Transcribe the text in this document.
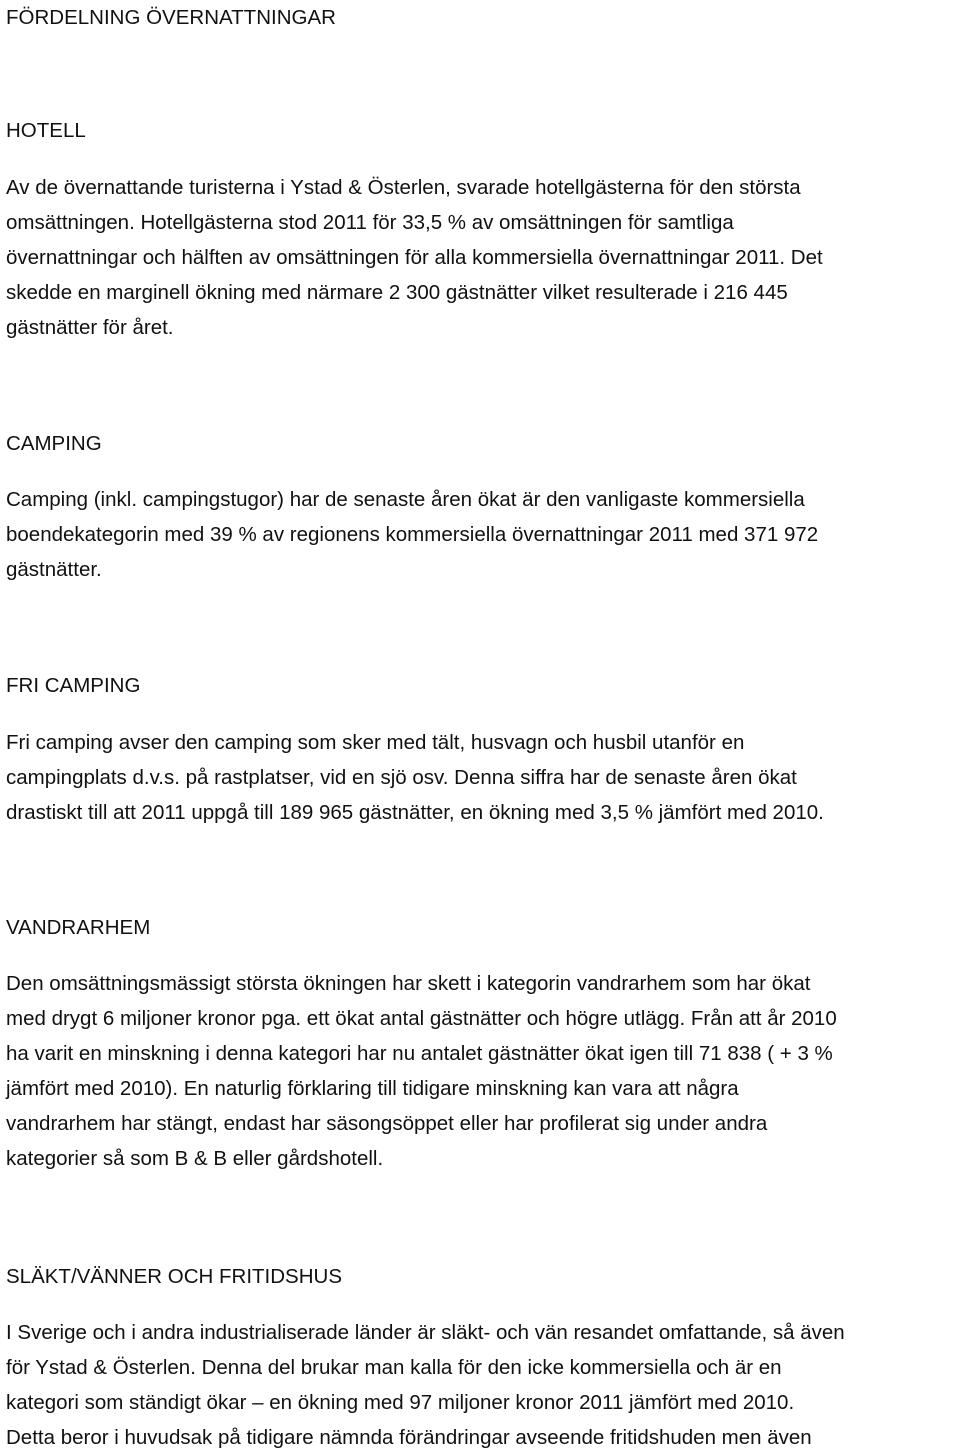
FÖRDELNING ÖVERNATTNINGAR
HOTELL
Av de övernattande turisterna i Ystad & Österlen, svarade hotellgästerna för den största
omsättningen. Hotellgästerna stod 2011 för 33,5 % av omsättningen för samtliga
övernattningar och hälften av omsättningen för alla kommersiella övernattningar 2011. Det
skedde en marginell ökning med närmare 2 300 gästnätter vilket resulterade i 216 445
gästnätter för året.
CAMPING
Camping (inkl. campingstugor) har de senaste åren ökat är den vanligaste kommersiella
boendekategorin med 39 % av regionens kommersiella övernattningar 2011 med 371 972
gästnätter.
FRI CAMPING
Fri camping avser den camping som sker med tält, husvagn och husbil utanför en
campingplats d.v.s. på rastplatser, vid en sjö osv. Denna siffra har de senaste åren ökat
drastiskt till att 2011 uppgå till 189 965 gästnätter, en ökning med 3,5 % jämfört med 2010.
VANDRARHEM
Den omsättningsmässigt största ökningen har skett i kategorin vandrarhem som har ökat
med drygt 6 miljoner kronor pga. ett ökat antal gästnätter och högre utlägg. Från att år 2010
ha varit en minskning i denna kategori har nu antalet gästnätter ökat igen till 71 838 ( + 3 %
jämfört med 2010). En naturlig förklaring till tidigare minskning kan vara att några
vandrarhem har stängt, endast har säsongsöppet eller har profilerat sig under andra
kategorier så som B & B eller gårdshotell.
SLÄKT/VÄNNER OCH FRITIDSHUS
I Sverige och i andra industrialiserade länder är släkt- och vän resandet omfattande, så även
för Ystad & Österlen. Denna del brukar man kalla för den icke kommersiella och är en
kategori som ständigt ökar – en ökning med 97 miljoner kronor 2011 jämfört med 2010.
Detta beror i huvudsak på tidigare nämnda förändringar avseende fritidshuden men även
